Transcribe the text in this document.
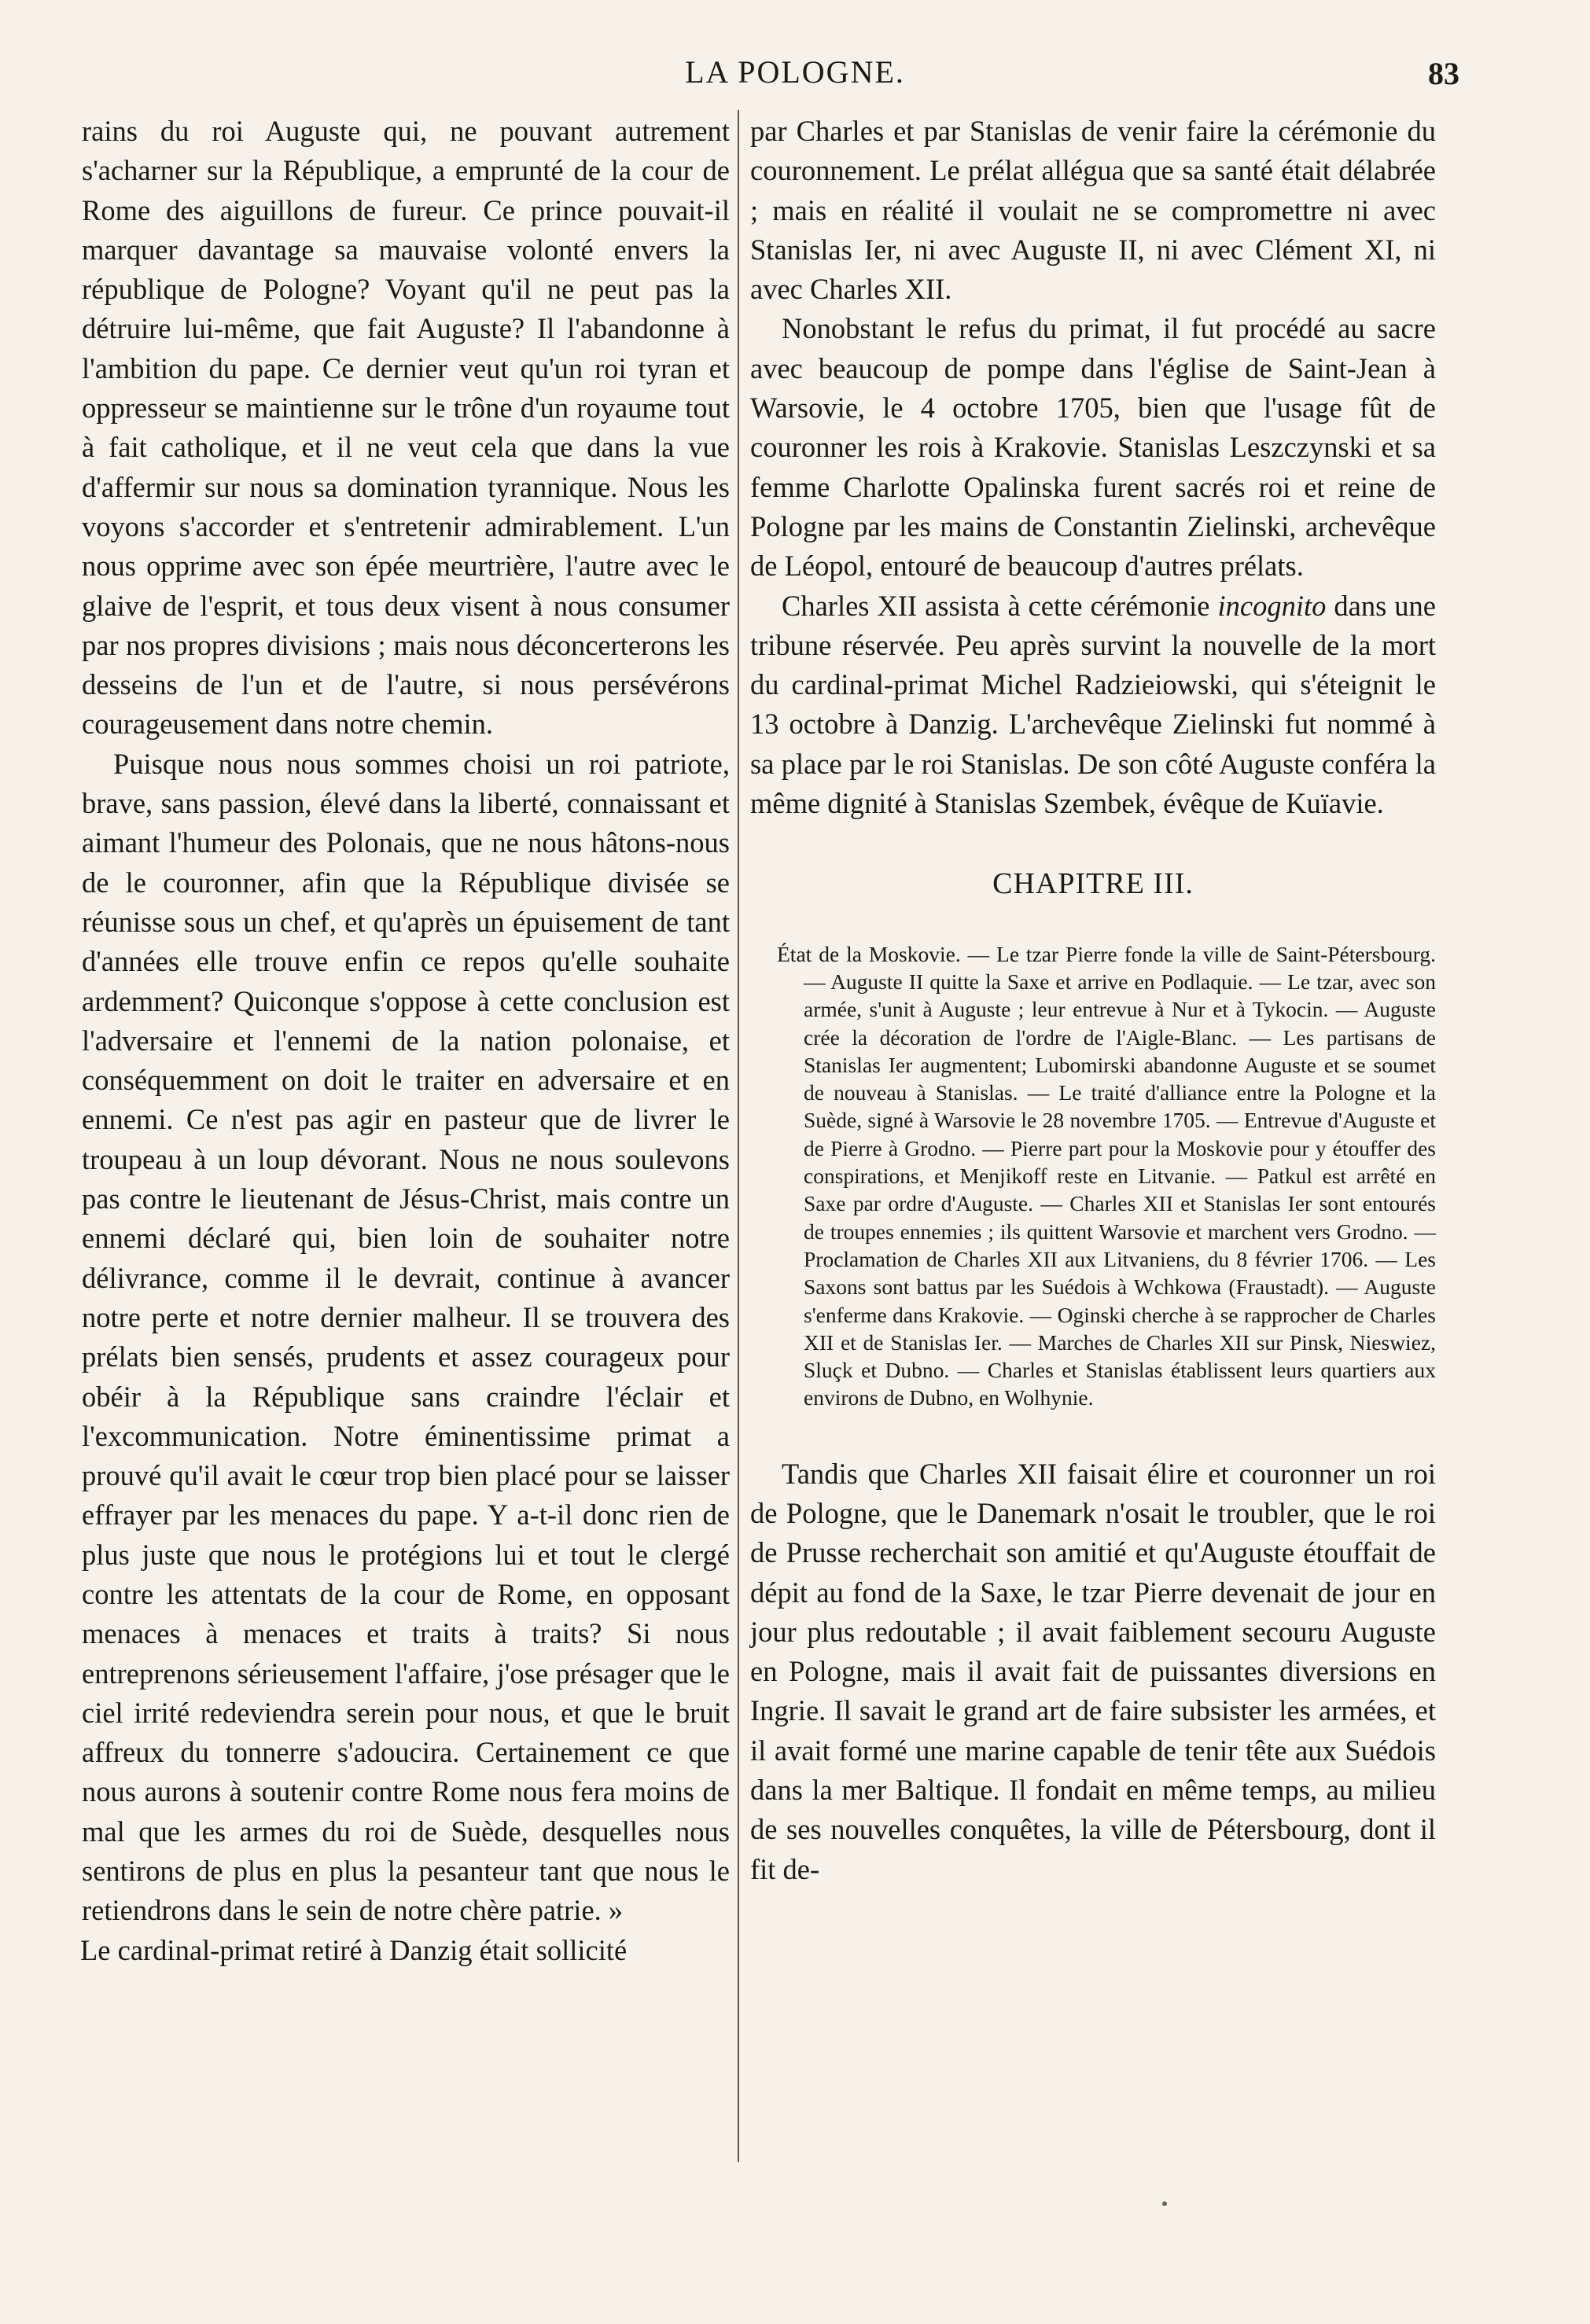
LA POLOGNE.	83

rains du roi Auguste qui, ne pouvant autrement s'acharner sur la République, a emprunté de la cour de Rome des aiguillons de fureur. Ce prince pouvait-il marquer davantage sa mauvaise volonté envers la république de Pologne? Voyant qu'il ne peut pas la détruire lui-même, que fait Auguste? Il l'abandonne à l'ambition du pape. Ce dernier veut qu'un roi tyran et oppresseur se maintienne sur le trône d'un royaume tout à fait catholique, et il ne veut cela que dans la vue d'affermir sur nous sa domination tyrannique. Nous les voyons s'accorder et s'entretenir admirablement. L'un nous opprime avec son épée meurtrière, l'autre avec le glaive de l'esprit, et tous deux visent à nous consumer par nos propres divisions ; mais nous déconcerterons les desseins de l'un et de l'autre, si nous persévérons courageusement dans notre chemin.

Puisque nous nous sommes choisi un roi patriote, brave, sans passion, élevé dans la liberté, connaissant et aimant l'humeur des Polonais, que ne nous hâtons-nous de le couronner, afin que la République divisée se réunisse sous un chef, et qu'après un épuisement de tant d'années elle trouve enfin ce repos qu'elle souhaite ardemment? Quiconque s'oppose à cette conclusion est l'adversaire et l'ennemi de la nation polonaise, et conséquemment on doit le traiter en adversaire et en ennemi. Ce n'est pas agir en pasteur que de livrer le troupeau à un loup dévorant. Nous ne nous soulevons pas contre le lieutenant de Jésus-Christ, mais contre un ennemi déclaré qui, bien loin de souhaiter notre délivrance, comme il le devrait, continue à avancer notre perte et notre dernier malheur. Il se trouvera des prélats bien sensés, prudents et assez courageux pour obéir à la République sans craindre l'éclair et l'excommunication. Notre éminentissime primat a prouvé qu'il avait le cœur trop bien placé pour se laisser effrayer par les menaces du pape. Y a-t-il donc rien de plus juste que nous le protégions lui et tout le clergé contre les attentats de la cour de Rome, en opposant menaces à menaces et traits à traits? Si nous entreprenons sérieusement l'affaire, j'ose présager que le ciel irrité redeviendra serein pour nous, et que le bruit affreux du tonnerre s'adoucira. Certainement ce que nous aurons à soutenir contre Rome nous fera moins de mal que les armes du roi de Suède, desquelles nous sentirons de plus en plus la pesanteur tant que nous le retiendrons dans le sein de notre chère patrie. »

Le cardinal-primat retiré à Danzig était sollicité

par Charles et par Stanislas de venir faire la cérémonie du couronnement. Le prélat allégua que sa santé était délabrée ; mais en réalité il voulait ne se compromettre ni avec Stanislas Ier, ni avec Auguste II, ni avec Clément XI, ni avec Charles XII.

Nonobstant le refus du primat, il fut procédé au sacre avec beaucoup de pompe dans l'église de Saint-Jean à Warsovie, le 4 octobre 1705, bien que l'usage fût de couronner les rois à Krakovie. Stanislas Leszczynski et sa femme Charlotte Opalinska furent sacrés roi et reine de Pologne par les mains de Constantin Zielinski, archevêque de Léopol, entouré de beaucoup d'autres prélats.

Charles XII assista à cette cérémonie incognito dans une tribune réservée. Peu après survint la nouvelle de la mort du cardinal-primat Michel Radzieiowski, qui s'éteignit le 13 octobre à Danzig. L'archevêque Zielinski fut nommé à sa place par le roi Stanislas. De son côté Auguste conféra la même dignité à Stanislas Szembek, évêque de Kuïavie.

CHAPITRE III.
État de la Moskovie. — Le tzar Pierre fonde la ville de Saint-Pétersbourg. — Auguste II quitte la Saxe et arrive en Podlaquie. — Le tzar, avec son armée, s'unit à Auguste ; leur entrevue à Nur et à Tykocin. — Auguste crée la décoration de l'ordre de l'Aigle-Blanc. — Les partisans de Stanislas Ier augmentent; Lubomirski abandonne Auguste et se soumet de nouveau à Stanislas. — Le traité d'alliance entre la Pologne et la Suède, signé à Warsovie le 28 novembre 1705. — Entrevue d'Auguste et de Pierre à Grodno. — Pierre part pour la Moskovie pour y étouffer des conspirations, et Menjikoff reste en Litvanie. — Patkul est arrêté en Saxe par ordre d'Auguste. — Charles XII et Stanislas Ier sont entourés de troupes ennemies ; ils quittent Warsovie et marchent vers Grodno. — Proclamation de Charles XII aux Litvaniens, du 8 février 1706. — Les Saxons sont battus par les Suédois à Wchkowa (Fraustadt). — Auguste s'enferme dans Krakovie. — Oginski cherche à se rapprocher de Charles XII et de Stanislas Ier. — Marches de Charles XII sur Pinsk, Nieswiez, Sluçk et Dubno. — Charles et Stanislas établissent leurs quartiers aux environs de Dubno, en Wolhynie.

Tandis que Charles XII faisait élire et couronner un roi de Pologne, que le Danemark n'osait le troubler, que le roi de Prusse recherchait son amitié et qu'Auguste étouffait de dépit au fond de la Saxe, le tzar Pierre devenait de jour en jour plus redoutable ; il avait faiblement secouru Auguste en Pologne, mais il avait fait de puissantes diversions en Ingrie. Il savait le grand art de faire subsister les armées, et il avait formé une marine capable de tenir tête aux Suédois dans la mer Baltique. Il fondait en même temps, au milieu de ses nouvelles conquêtes, la ville de Pétersbourg, dont il fit de-
